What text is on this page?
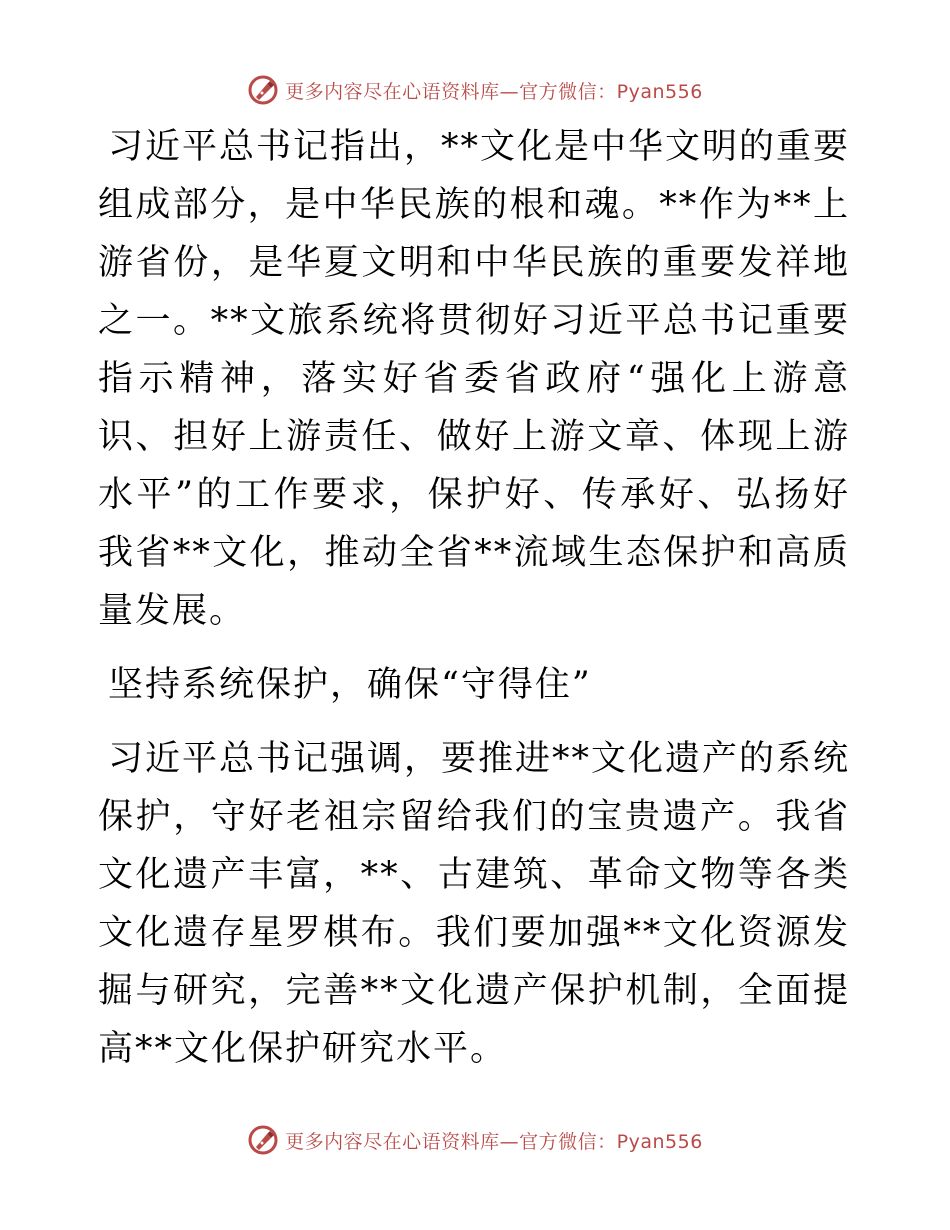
更多内容尽在心语资料库—官方微信：Pyan556

习近平总书记指出，**文化是中华文明的重要组成部分，是中华民族的根和魂。**作为**上游省份，是华夏文明和中华民族的重要发祥地之一。**文旅系统将贯彻好习近平总书记重要指示精神，落实好省委省政府“强化上游意识、担好上游责任、做好上游文章、体现上游水平”的工作要求，保护好、传承好、弘扬好我省**文化，推动全省**流域生态保护和高质量发展。

坚持系统保护，确保“守得住”

习近平总书记强调，要推进**文化遗产的系统保护，守好老祖宗留给我们的宝贵遗产。我省文化遗产丰富，**、古建筑、革命文物等各类文化遗存星罗棋布。我们要加强**文化资源发掘与研究，完善**文化遗产保护机制，全面提高**文化保护研究水平。

更多内容尽在心语资料库—官方微信：Pyan556
